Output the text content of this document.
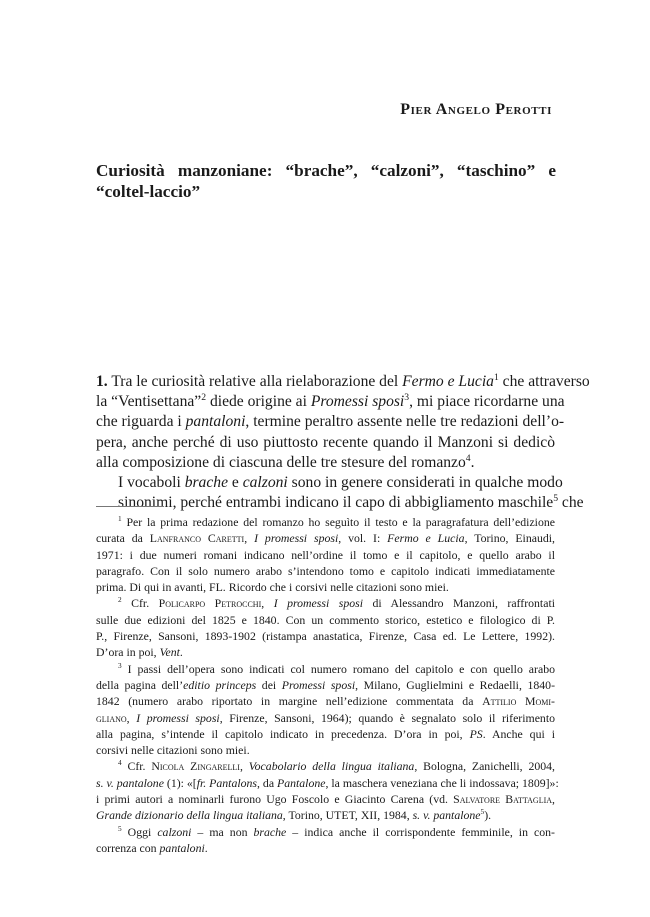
Pier Angelo Perotti
Curiosità manzoniane: “brache”, “calzoni”, “taschino” e “coltel-laccio”

1. Tra le curiosità relative alla rielaborazione del Fermo e Lucia$^1$ che attraverso
la “Ventisettana”$^2$ diede origine ai Promessi sposi$^3$, mi piace ricordarne una
che riguarda i pantaloni, termine peraltro assente nelle tre redazioni dell’o-
pera, anche perché di uso piuttosto recente quando il Manzoni si dedicò
alla composizione di ciascuna delle tre stesure del romanzo$^4$.

I vocaboli brache e calzoni sono in genere considerati in qualche modo
sinonimi, perché entrambi indicano il capo di abbigliamento maschile$^5$ che

$^1$ Per la prima redazione del romanzo ho seguìto il testo e la paragrafatura dell’edizione
curata da Lanfranco Caretti, I promessi sposi, vol. I: Fermo e Lucia, Torino, Einaudi,
1971: i due numeri romani indicano nell’ordine il tomo e il capitolo, e quello arabo il
paragrafo. Con il solo numero arabo s’intendono tomo e capitolo indicati immediatamente
prima. Di qui in avanti, FL. Ricordo che i corsivi nelle citazioni sono miei.
$^2$ Cfr. Policarpo Petrocchi, I promessi sposi di Alessandro Manzoni, raffrontati
sulle due edizioni del 1825 e 1840. Con un commento storico, estetico e filologico di P.
P., Firenze, Sansoni, 1893-1902 (ristampa anastatica, Firenze, Casa ed. Le Lettere, 1992).
D’ora in poi, Vent.
$^3$ I passi dell’opera sono indicati col numero romano del capitolo e con quello arabo
della pagina dell’editio princeps dei Promessi sposi, Milano, Guglielmini e Redaelli, 1840-
1842 (numero arabo riportato in margine nell’edizione commentata da Attilio Momi-
gliano, I promessi sposi, Firenze, Sansoni, 1964); quando è segnalato solo il riferimento
alla pagina, s’intende il capitolo indicato in precedenza. D’ora in poi, PS. Anche qui i
corsivi nelle citazioni sono miei.
$^4$ Cfr. Nicola Zingarelli, Vocabolario della lingua italiana, Bologna, Zanichelli, 2004,
s. v. pantalone (1): «[fr. Pantalons, da Pantalone, la maschera veneziana che li indossava; 1809]»:
i primi autori a nominarli furono Ugo Foscolo e Giacinto Carena (vd. Salvatore Battaglia,
Grande dizionario della lingua italiana, Torino, UTET, XII, 1984, s. v. pantalone$^5$).
$^5$ Oggi calzoni – ma non brache – indica anche il corrispondente femminile, in con-
correnza con pantaloni.
